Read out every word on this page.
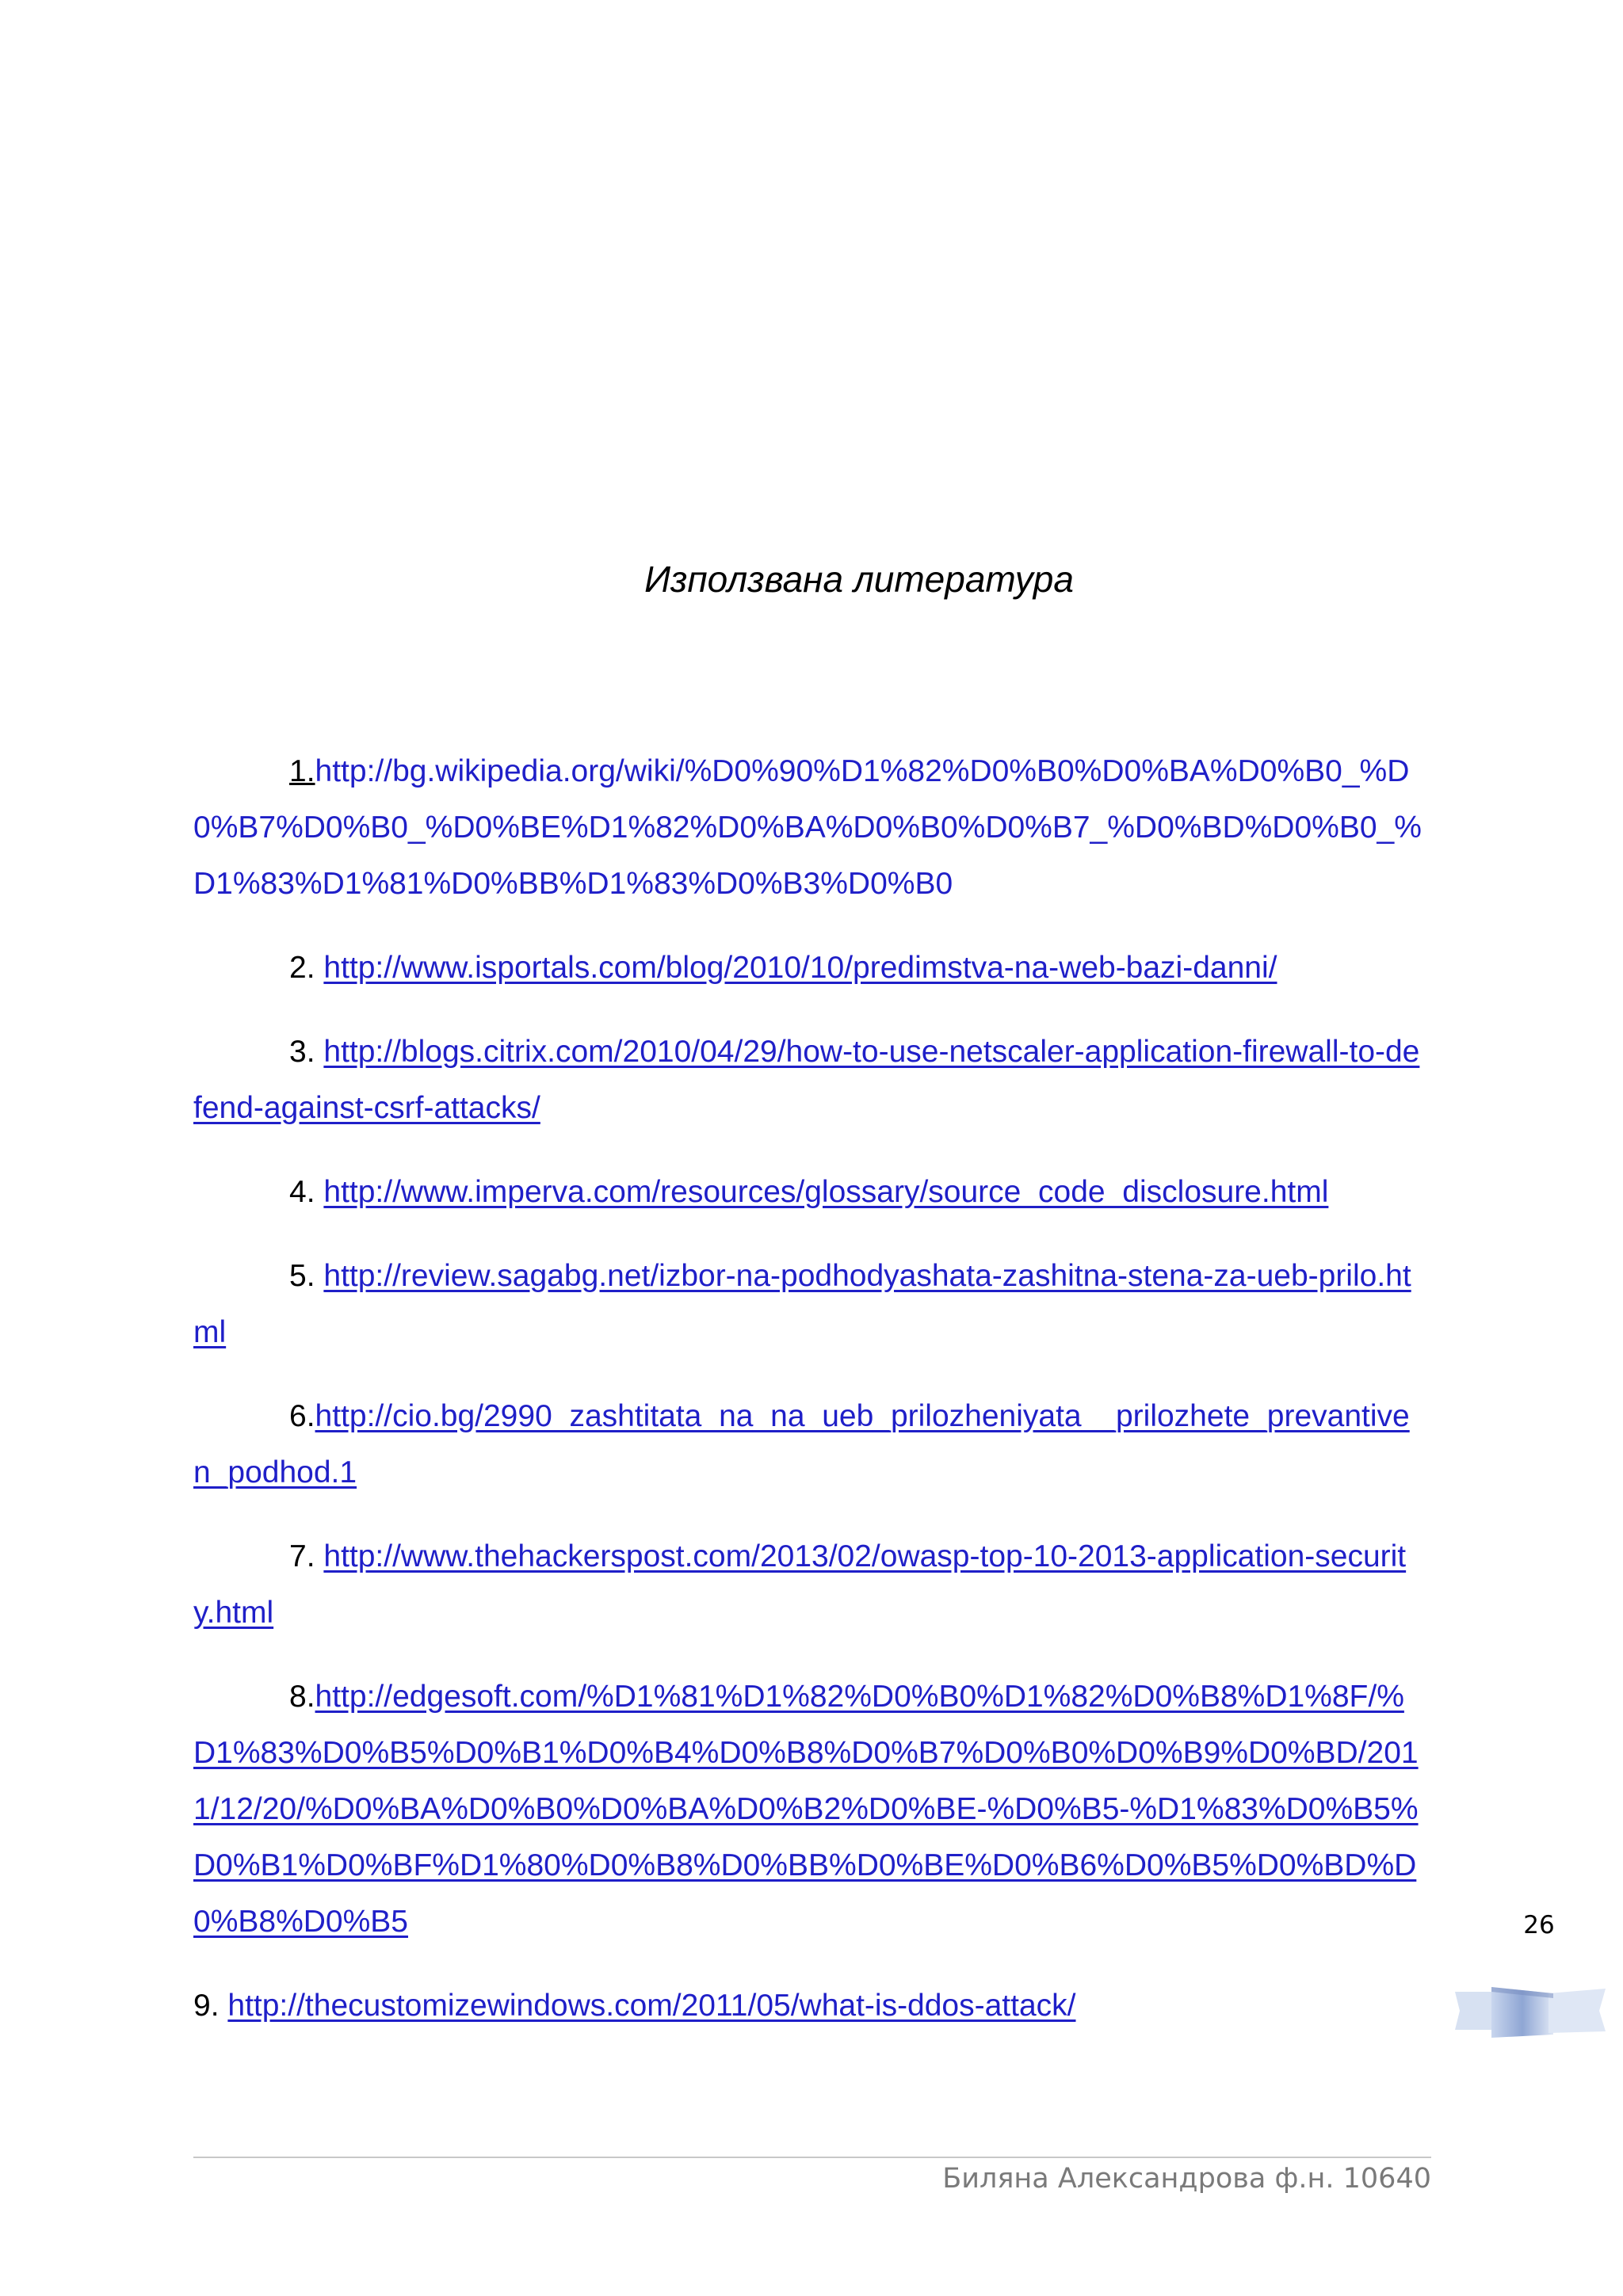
Използвана литература

1.http://bg.wikipedia.org/wiki/%D0%90%D1%82%D0%B0%D0%BA%D0%B0_%D0%B7%D0%B0_%D0%BE%D1%82%D0%BA%D0%B0%D0%B7_%D0%BD%D0%B0_%D1%83%D1%81%D0%BB%D1%83%D0%B3%D0%B0

2. http://www.isportals.com/blog/2010/10/predimstva-na-web-bazi-danni/

3. http://blogs.citrix.com/2010/04/29/how-to-use-netscaler-application-firewall-to-defend-against-csrf-attacks/

4. http://www.imperva.com/resources/glossary/source_code_disclosure.html

5. http://review.sagabg.net/izbor-na-podhodyashata-zashitna-stena-za-ueb-prilo.html

6.http://cio.bg/2990_zashtitata_na_na_ueb_prilozheniyata__prilozhete_prevantiven_podhod.1

7. http://www.thehackerspost.com/2013/02/owasp-top-10-2013-application-security.html

8.http://edgesoft.com/%D1%81%D1%82%D0%B0%D1%82%D0%B8%D1%8F/%D1%83%D0%B5%D0%B1%D0%B4%D0%B8%D0%B7%D0%B0%D0%B9%D0%BD/2011/12/20/%D0%BA%D0%B0%D0%BA%D0%B2%D0%BE-%D0%B5-%D1%83%D0%B5%D0%B1%D0%BF%D1%80%D0%B8%D0%BB%D0%BE%D0%B6%D0%B5%D0%BD%D0%B8%D0%B5

9. http://thecustomizewindows.com/2011/05/what-is-ddos-attack/

26
Биляна Александрова ф.н. 10640
